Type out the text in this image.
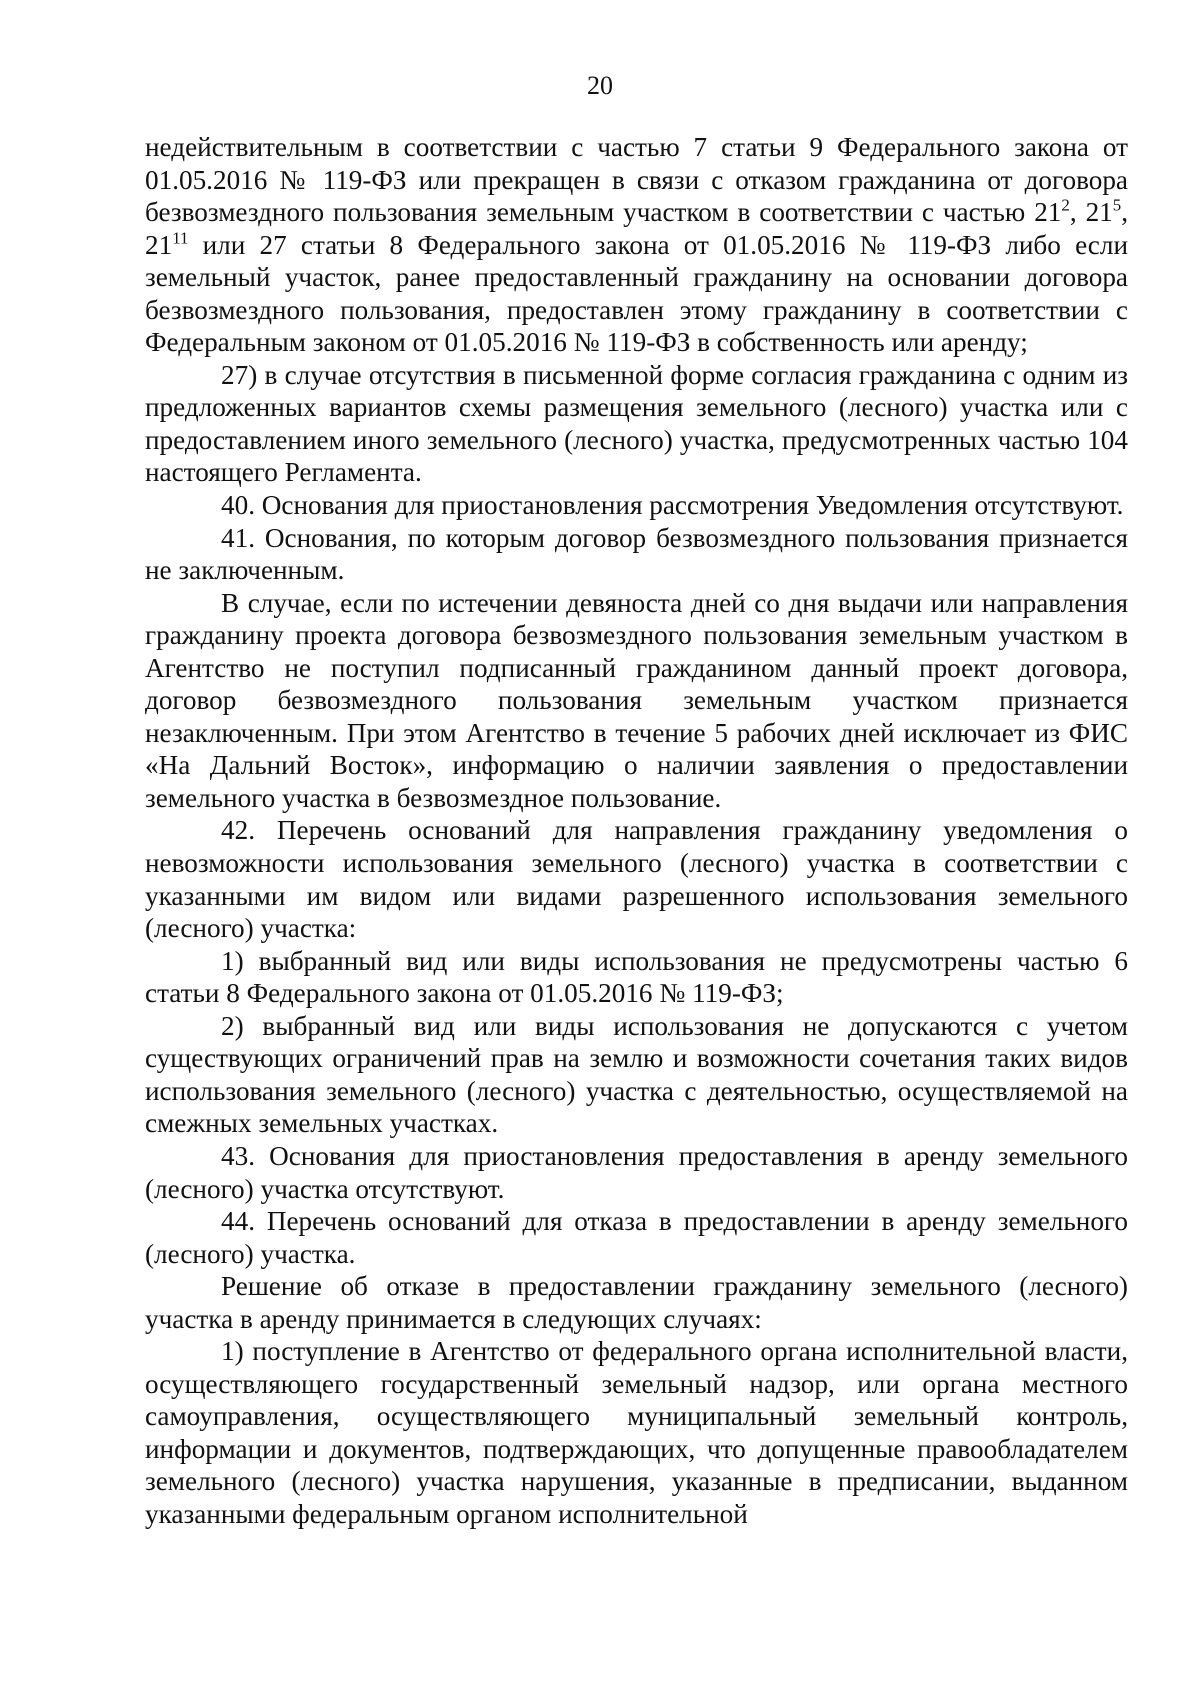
20

недействительным в соответствии с частью 7 статьи 9 Федерального закона от 01.05.2016 № 119-ФЗ или прекращен в связи с отказом гражданина от договора безвозмездного пользования земельным участком в соответствии с частью $21^2$, $21^5$, $21^{11}$ или 27 статьи 8 Федерального закона от 01.05.2016 № 119-ФЗ либо если земельный участок, ранее предоставленный гражданину на основании договора безвозмездного пользования, предоставлен этому гражданину в соответствии с Федеральным законом от 01.05.2016 № 119-ФЗ в собственность или аренду;

27) в случае отсутствия в письменной форме согласия гражданина с одним из предложенных вариантов схемы размещения земельного (лесного) участка или с предоставлением иного земельного (лесного) участка, предусмотренных частью 104 настоящего Регламента.

40. Основания для приостановления рассмотрения Уведомления отсутствуют.

41. Основания, по которым договор безвозмездного пользования признается не заключенным.

В случае, если по истечении девяноста дней со дня выдачи или направления гражданину проекта договора безвозмездного пользования земельным участком в Агентство не поступил подписанный гражданином данный проект договора, договор безвозмездного пользования земельным участком признается незаключенным. При этом Агентство в течение 5 рабочих дней исключает из ФИС «На Дальний Восток», информацию о наличии заявления о предоставлении земельного участка в безвозмездное пользование.

42. Перечень оснований для направления гражданину уведомления о невозможности использования земельного (лесного) участка в соответствии с указанными им видом или видами разрешенного использования земельного (лесного) участка:

1) выбранный вид или виды использования не предусмотрены частью 6 статьи 8 Федерального закона от 01.05.2016 № 119-ФЗ;

2) выбранный вид или виды использования не допускаются с учетом существующих ограничений прав на землю и возможности сочетания таких видов использования земельного (лесного) участка с деятельностью, осуществляемой на смежных земельных участках.

43. Основания для приостановления предоставления в аренду земельного (лесного) участка отсутствуют.

44. Перечень оснований для отказа в предоставлении в аренду земельного (лесного) участка.

Решение об отказе в предоставлении гражданину земельного (лесного) участка в аренду принимается в следующих случаях:

1) поступление в Агентство от федерального органа исполнительной власти, осуществляющего государственный земельный надзор, или органа местного самоуправления, осуществляющего муниципальный земельный контроль, информации и документов, подтверждающих, что допущенные правообладателем земельного (лесного) участка нарушения, указанные в предписании, выданном указанными федеральным органом исполнительной
